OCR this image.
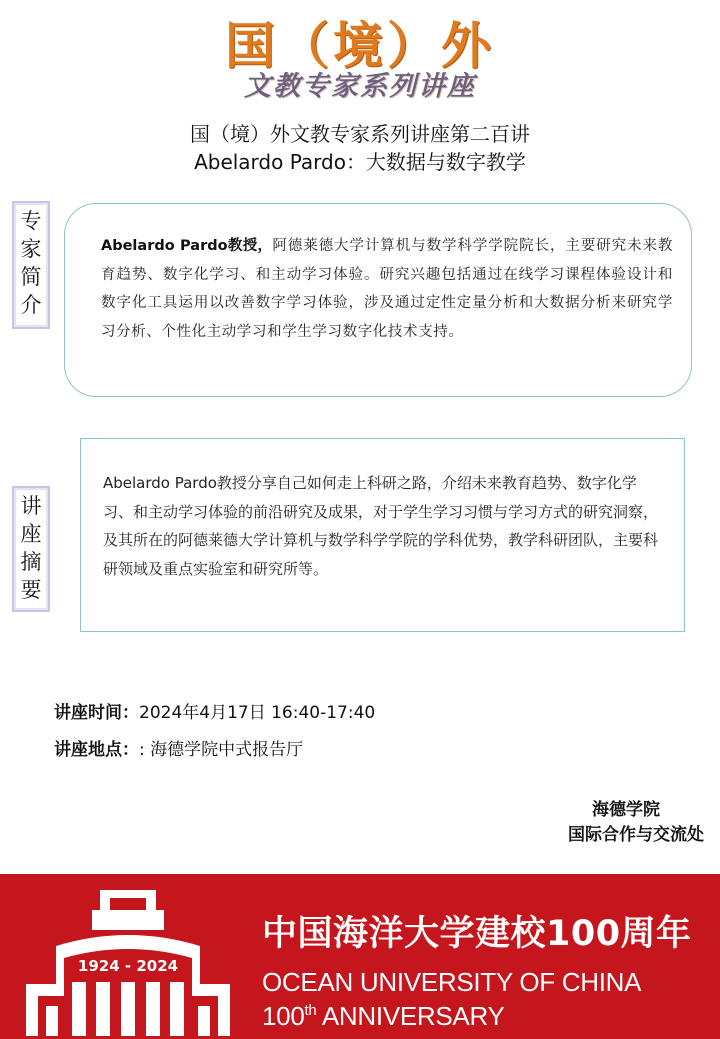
国（境）外
文教专家系列讲座
国（境）外文教专家系列讲座第二百讲
Abelardo Pardo：大数据与数字教学
专
家
简
介
Abelardo Pardo教授，阿德莱德大学计算机与数学科学学院院长，主要研究未来教育趋势、数字化学习、和主动学习体验。研究兴趣包括通过在线学习课程体验设计和数字化工具运用以改善数字学习体验，涉及通过定性定量分析和大数据分析来研究学习分析、个性化主动学习和学生学习数字化技术支持。
Abelardo Pardo教授分享自己如何走上科研之路，介绍未来教育趋势、数字化学习、和主动学习体验的前沿研究及成果，对于学生学习习惯与学习方式的研究洞察，及其所在的阿德莱德大学计算机与数学科学学院的学科优势，教学科研团队，主要科研领域及重点实验室和研究所等。
讲
座
摘
要
讲座时间：2024年4月17日 16:40-17:40
讲座地点：: 海德学院中式报告厅
海德学院
国际合作与交流处
1924 - 2024
中国海洋大学建校100周年
OCEAN UNIVERSITY OF CHINA
100th ANNIVERSARY
